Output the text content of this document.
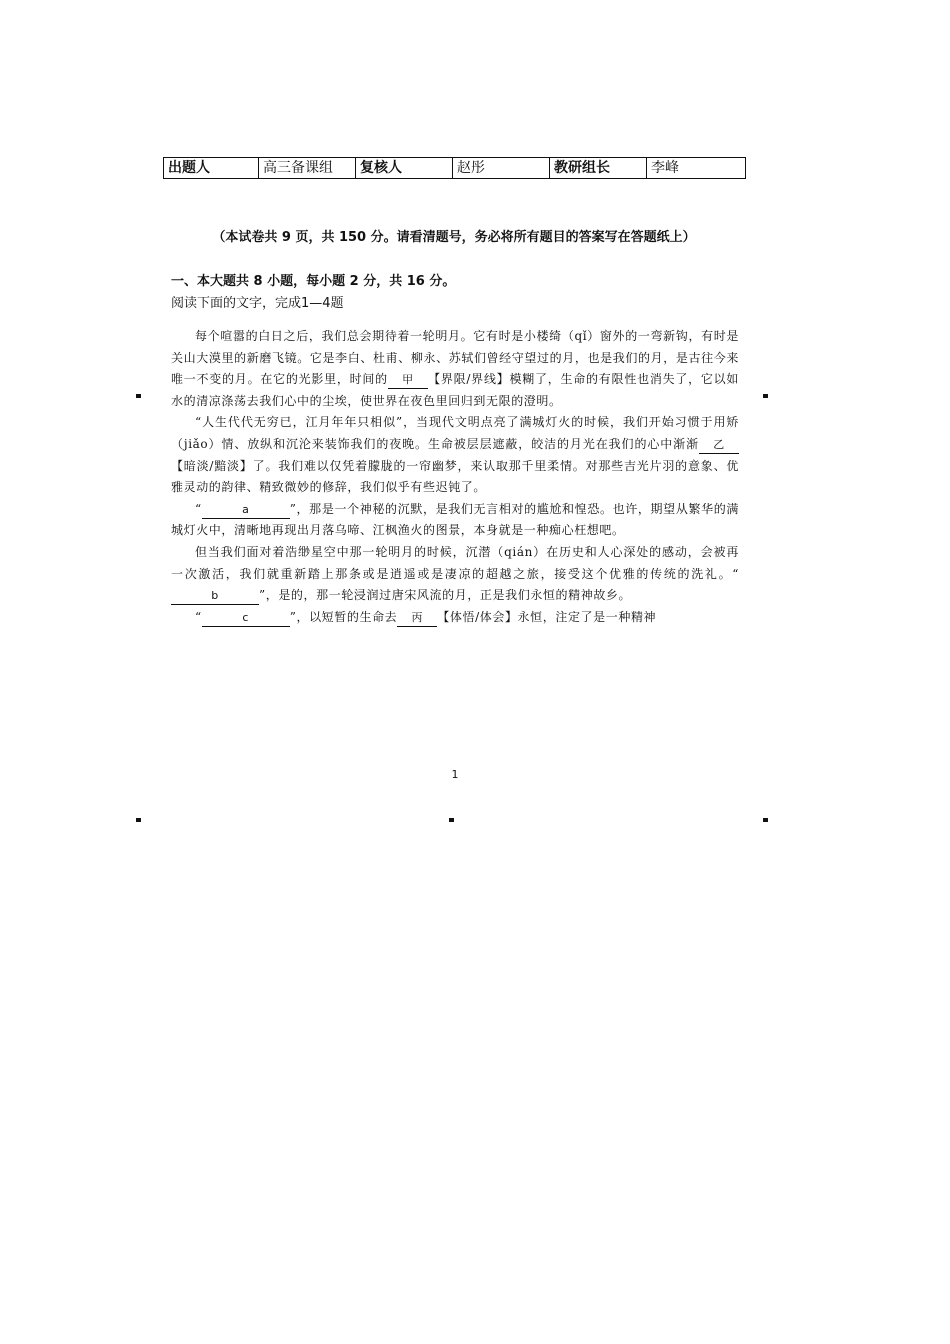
出题人	高三备课组	复核人	赵彤	教研组长	李峰
（本试卷共 9 页，共 150 分。请看清题号，务必将所有题目的答案写在答题纸上）
一、本大题共 8 小题，每小题 2 分，共 16 分。
阅读下面的文字，完成1—4题

每个喧嚣的白日之后，我们总会期待着一轮明月。它有时是小楼绮（qǐ）窗外的一弯新钩，有时是关山大漠里的新磨飞镜。它是李白、杜甫、柳永、苏轼们曾经守望过的月，也是我们的月，是古往今来唯一不变的月。在它的光影里，时间的 甲 【界限/界线】模糊了，生命的有限性也消失了，它以如水的清凉涤荡去我们心中的尘埃，使世界在夜色里回归到无限的澄明。

“人生代代无穷已，江月年年只相似”，当现代文明点亮了满城灯火的时候，我们开始习惯于用矫（jiǎo）情、放纵和沉沦来装饰我们的夜晚。生命被层层遮蔽，皎洁的月光在我们的心中渐渐 乙【暗淡/黯淡】了。我们难以仅凭着朦胧的一帘幽梦，来认取那千里柔情。对那些吉光片羽的意象、优雅灵动的韵律、精致微妙的修辞，我们似乎有些迟钝了。

“	a	”，那是一个神秘的沉默，是我们无言相对的尴尬和惶恐。也许，期望从繁华的满城灯火中，清晰地再现出月落乌啼、江枫渔火的图景，本身就是一种痴心枉想吧。

但当我们面对着浩缈星空中那一轮明月的时候，沉潜（qián）在历史和人心深处的感动，会被再一次激活，我们就重新踏上那条或是逍遥或是凄凉的超越之旅，接受这个优雅的传统的洗礼。“b	”，是的，那一轮浸润过唐宋风流的月，正是我们永恒的精神故乡。

“	c	”，以短暂的生命去 丙 【体悟/体会】永恒，注定了是一种精神

1
